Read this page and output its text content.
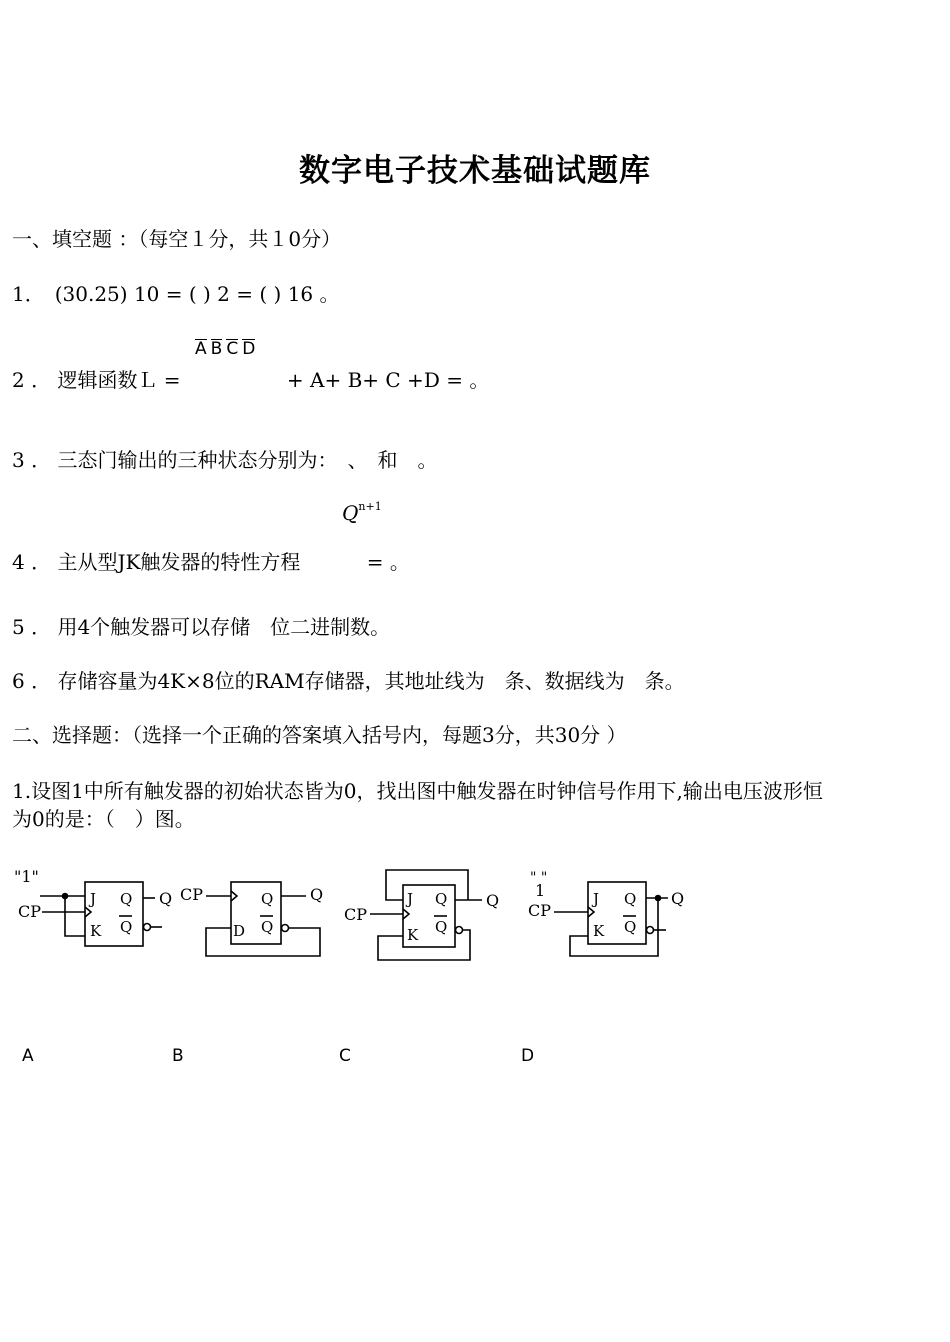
数字电子技术基础试题库
一、填空题 ：（每空１分，共１0分）
1．　(30.25) 10 = ( ) 2 = ( ) 16 。
A B C D
2 ． 逻辑函数Ｌ =　　　　　 + A+ B+ C +D = 。
3 ． 三态门输出的三种状态分别为：　、　和　。
$Q^{n+1}$
4 ． 主从型JK触发器的特性方程　　　 = 。
5 ． 用4个触发器可以存储　位二进制数。
6 ． 存储容量为4K×8位的RAM存储器，其地址线为　条、数据线为　条。
二、选择题：（选择一个正确的答案填入括号内，每题3分，共30分 ）
1.设图1中所有触发器的初始状态皆为0，找出图中触发器在时钟信号作用下,输出电压波形恒
为0的是：（　）图。
"1"
CP
J
K
Q
Q
Q CP
D
Q
Q
Q
CP
J
K
Q
Q
Q
" "
1
CP
J
K
Q
Q
Q
A	B	C	D
